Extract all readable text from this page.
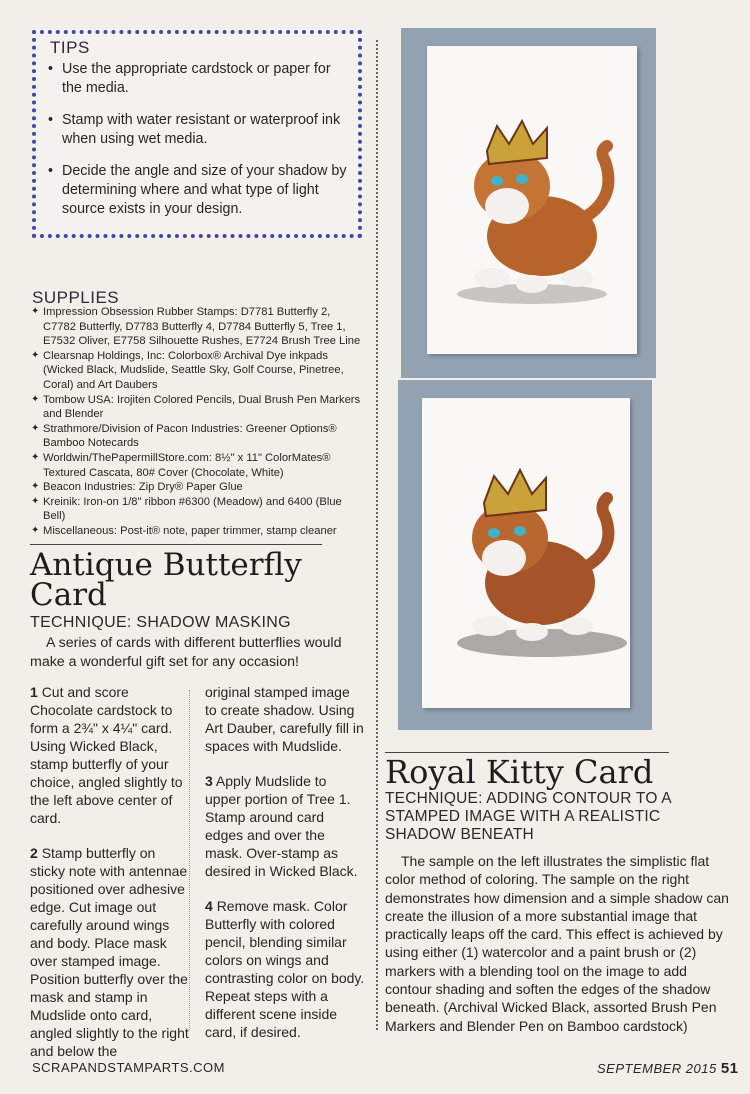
TIPS
• Use the appropriate cardstock or paper for the media.
• Stamp with water resistant or waterproof ink when using wet media.
• Decide the angle and size of your shadow by determining where and what type of light source exists in your design.
SUPPLIES
✦ Impression Obsession Rubber Stamps: D7781 Butterfly 2, C7782 Butterfly, D7783 Butterfly 4, D7784 Butterfly 5, Tree 1, E7532 Oliver, E7758 Silhouette Rushes, E7724 Brush Tree Line
✦ Clearsnap Holdings, Inc: Colorbox® Archival Dye inkpads (Wicked Black, Mudslide, Seattle Sky, Golf Course, Pinetree, Coral) and Art Daubers
✦ Tombow USA: Irojiten Colored Pencils, Dual Brush Pen Markers and Blender
✦ Strathmore/Division of Pacon Industries: Greener Options® Bamboo Notecards
✦ Worldwin/ThePapermillStore.com: 8½" x 11" ColorMates® Textured Cascata, 80# Cover (Chocolate, White)
✦ Beacon Industries: Zip Dry® Paper Glue
✦ Kreinik: Iron-on 1/8" ribbon #6300 (Meadow) and 6400 (Blue Bell)
✦ Miscellaneous: Post-it® note, paper trimmer, stamp cleaner
Antique Butterfly Card
TECHNIQUE: SHADOW MASKING
A series of cards with different butterflies would make a wonderful gift set for any occasion!

1 Cut and score Chocolate cardstock to form a 2¾" x 4¼" card. Using Wicked Black, stamp butterfly of your choice, angled slightly to the left above center of card.

2 Stamp butterfly on sticky note with antennae positioned over adhesive edge. Cut image out carefully around wings and body. Place mask over stamped image. Position butterfly over the mask and stamp in Mudslide onto card, angled slightly to the right and below the

original stamped image to create shadow. Using Art Dauber, carefully fill in spaces with Mudslide.

3 Apply Mudslide to upper portion of Tree 1. Stamp around card edges and over the mask. Over-stamp as desired in Wicked Black.

4 Remove mask. Color Butterfly with colored pencil, blending similar colors on wings and contrasting color on body. Repeat steps with a different scene inside card, if desired.

Royal Kitty Card
TECHNIQUE: ADDING CONTOUR TO A STAMPED IMAGE WITH A REALISTIC SHADOW BENEATH
The sample on the left illustrates the simplistic flat color method of coloring. The sample on the right demonstrates how dimension and a simple shadow can create the illusion of a more substantial image that practically leaps off the card. This effect is achieved by using either (1) watercolor and a paint brush or (2) markers with a blending tool on the image to add contour shading and soften the edges of the shadow beneath. (Archival Wicked Black, assorted Brush Pen Markers and Blender Pen on Bamboo cardstock)
SCRAPANDSTAMPARTS.COM	SEPTEMBER 2015 51
